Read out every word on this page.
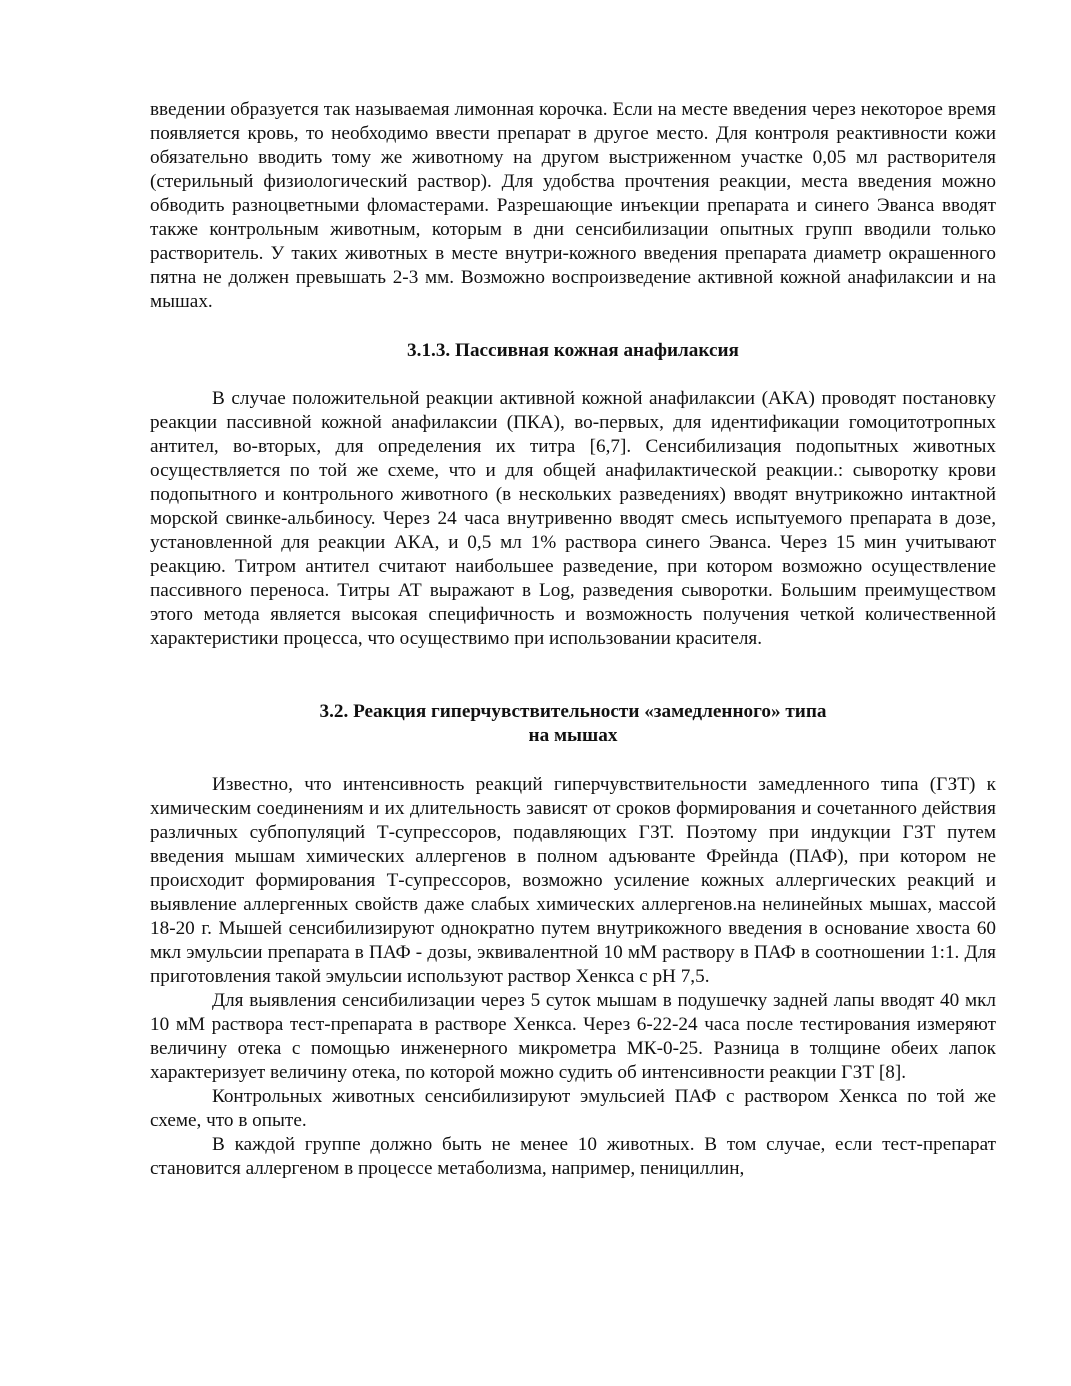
введении образуется так называемая лимонная корочка. Если на месте введения через некоторое время появляется кровь, то необходимо ввести препарат в другое место. Для контроля реактивности кожи обязательно вводить тому же животному на другом выстриженном участке 0,05 мл растворителя (стерильный физиологический раствор). Для удобства прочтения реакции, места введения можно обводить разноцветными фломастерами. Разрешающие инъекции препарата и синего Эванса вводят также контрольным животным, которым в дни сенсибилизации опытных групп вводили только растворитель. У таких животных в месте внутри-кожного введения препарата диаметр окрашенного пятна не должен превышать 2-3 мм. Возможно воспроизведение активной кожной анафилаксии и на мышах.

3.1.3. Пассивная кожная анафилаксия

В случае положительной реакции активной кожной анафилаксии (АКА) проводят постановку реакции пассивной кожной анафилаксии (ПКА), во-первых, для идентификации гомоцитотропных антител, во-вторых, для определения их титра [6,7]. Сенсибилизация подопытных животных осуществляется по той же схеме, что и для общей анафилактической реакции.: сыворотку крови подопытного и контрольного животного (в нескольких разведениях) вводят внутрикожно интактной морской свинке-альбиносу. Через 24 часа внутривенно вводят смесь испытуемого препарата в дозе, установленной для реакции АКА, и 0,5 мл 1% раствора синего Эванса. Через 15 мин учитывают реакцию. Титром антител считают наибольшее разведение, при котором возможно осуществление пассивного переноса. Титры АТ выражают в Log, разведения сыворотки. Большим преимуществом этого метода является высокая специфичность и возможность получения четкой количественной характеристики процесса, что осуществимо при использовании красителя.

3.2. Реакция гиперчувствительности «замедленного» типа
на мышах

Известно, что интенсивность реакций гиперчувствительности замедленного типа (ГЗТ) к химическим соединениям и их длительность зависят от сроков формирования и сочетанного действия различных субпопуляций Т-супрессоров, подавляющих ГЗТ. Поэтому при индукции ГЗТ путем введения мышам химических аллергенов в полном адъюванте Фрейнда (ПАФ), при котором не происходит формирования Т-супрессоров, возможно усиление кожных аллергических реакций и выявление аллергенных свойств даже слабых химических аллергенов.на нелинейных мышах, массой 18-20 г. Мышей сенсибилизируют однократно путем внутрикожного введения в основание хвоста 60 мкл эмульсии препарата в ПАФ - дозы, эквивалентной 10 мМ раствору в ПАФ в соотношении 1:1. Для приготовления такой эмульсии используют раствор Хенкса с pH 7,5.

Для выявления сенсибилизации через 5 суток мышам в подушечку задней лапы вводят 40 мкл 10 мМ раствора тест-препарата в растворе Хенкса. Через 6-22-24 часа после тестирования измеряют величину отека с помощью инженерного микрометра МК-0-25. Разница в толщине обеих лапок характеризует величину отека, по которой можно судить об интенсивности реакции ГЗТ [8].

Контрольных животных сенсибилизируют эмульсией ПАФ с раствором Хенкса по той же схеме, что в опыте.

В каждой группе должно быть не менее 10 животных. В том случае, если тест-препарат становится аллергеном в процессе метаболизма, например, пенициллин,
